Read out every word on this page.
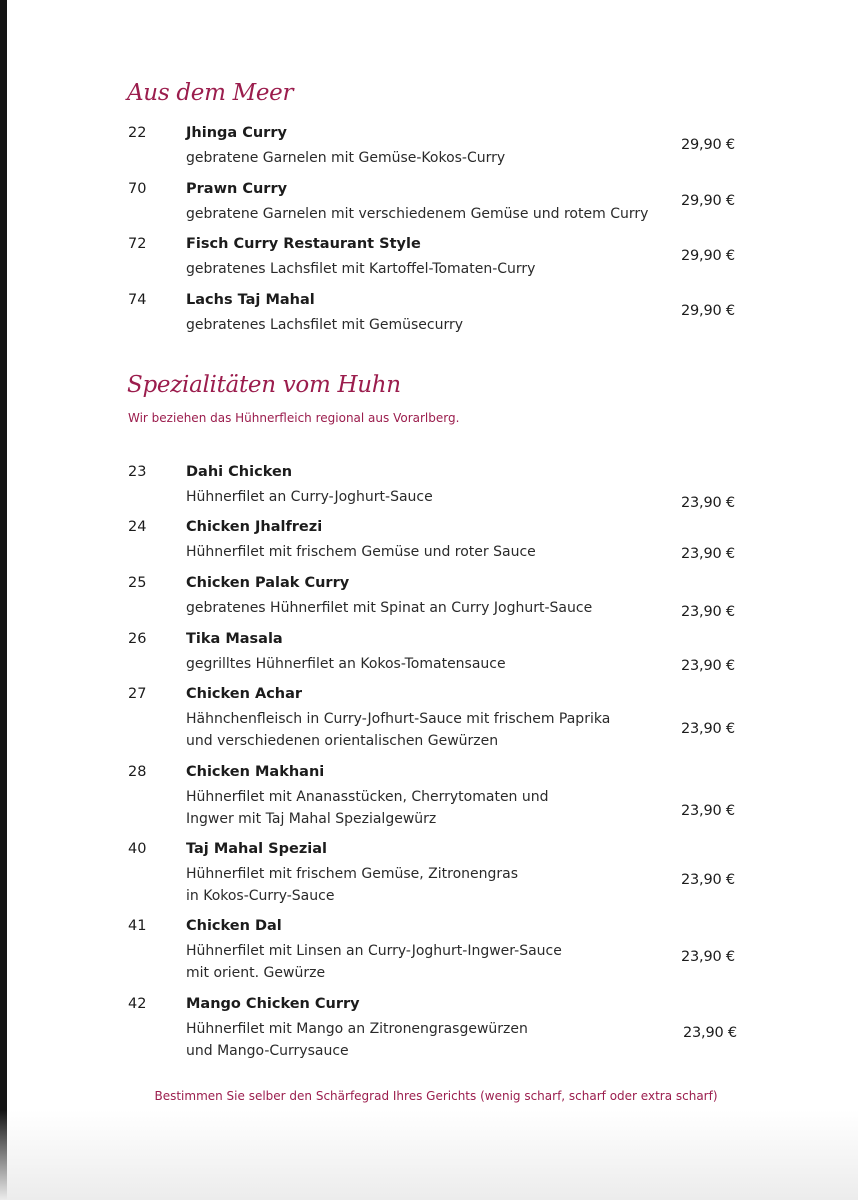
Aus dem Meer
22	Jhinga Curry
gebratene Garnelen mit Gemüse-Kokos-Curry
29,90 €
70	Prawn Curry
gebratene Garnelen mit verschiedenem Gemüse und rotem Curry
29,90 €
72	Fisch Curry Restaurant Style
gebratenes Lachsfilet mit Kartoffel-Tomaten-Curry
29,90 €
74	Lachs Taj Mahal
gebratenes Lachsfilet mit Gemüsecurry
29,90 €
Spezialitäten vom Huhn
Wir beziehen das Hühnerfleich regional aus Vorarlberg.
23	Dahi Chicken
Hühnerfilet an Curry-Joghurt-Sauce	23,90 €
24	Chicken Jhalfrezi
Hühnerfilet mit frischem Gemüse und roter Sauce	23,90 €
25	Chicken Palak Curry
gebratenes Hühnerfilet mit Spinat an Curry Joghurt-Sauce	23,90 €
26	Tika Masala
gegrilltes Hühnerfilet an Kokos-Tomatensauce	23,90 €
27	Chicken Achar
Hähnchenfleisch in Curry-Jofhurt-Sauce mit frischem Paprika
und verschiedenen orientalischen Gewürzen
23,90 €
28	Chicken Makhani
Hühnerfilet mit Ananasstücken, Cherrytomaten und
Ingwer mit Taj Mahal Spezialgewürz	23,90 €
40	Taj Mahal Spezial
Hühnerfilet mit frischem Gemüse, Zitronengras
in Kokos-Curry-Sauce
23,90 €
41	Chicken Dal
Hühnerfilet mit Linsen an Curry-Joghurt-Ingwer-Sauce
mit orient. Gewürze
23,90 €
42	Mango Chicken Curry
Hühnerfilet mit Mango an Zitronengrasgewürzen
und Mango-Currysauce
23,90 €
Bestimmen Sie selber den Schärfegrad Ihres Gerichts (wenig scharf, scharf oder extra scharf)
